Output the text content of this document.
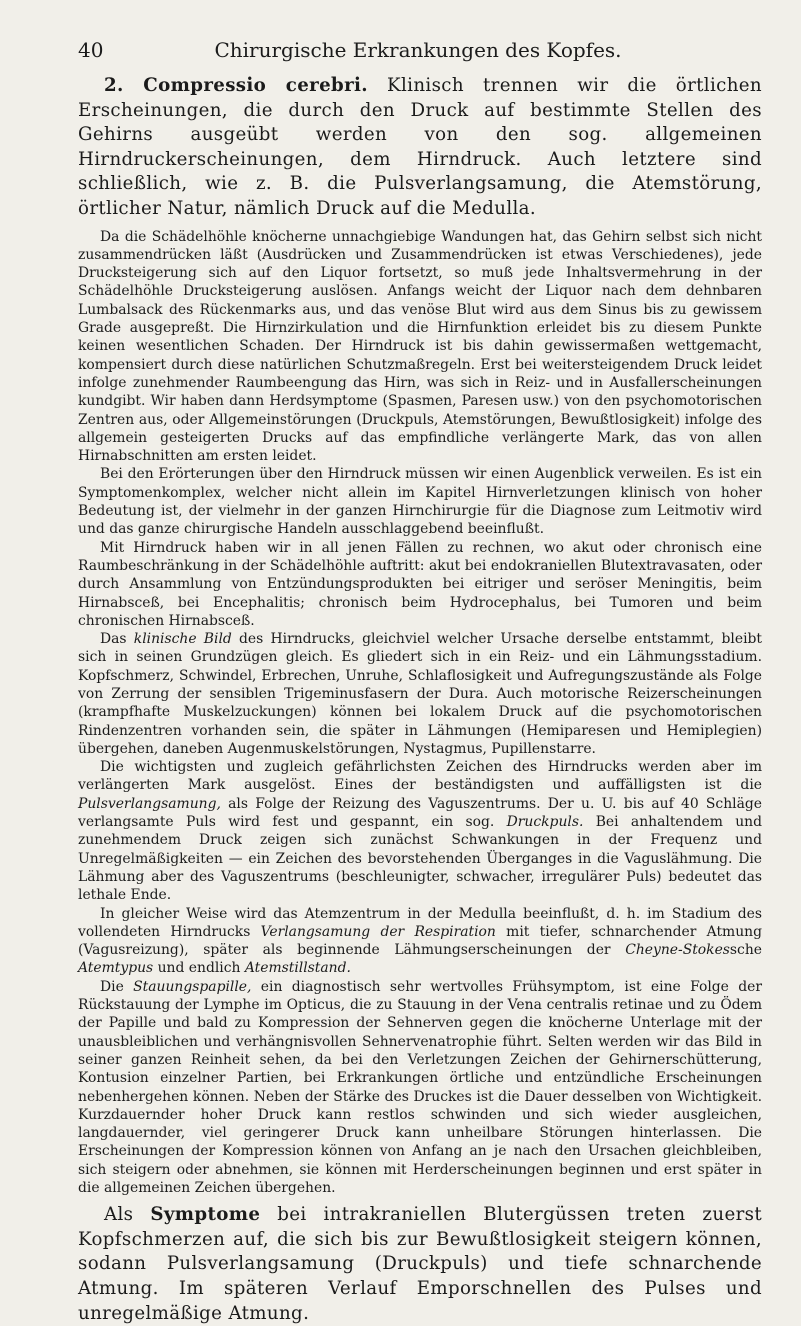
40	Chirurgische Erkrankungen des Kopfes.

2. Compressio cerebri. Klinisch trennen wir die örtlichen Erscheinungen, die durch den Druck auf bestimmte Stellen des Gehirns ausgeübt werden von den sog. allgemeinen Hirndruckerscheinungen, dem Hirndruck. Auch letztere sind schließlich, wie z. B. die Pulsverlangsamung, die Atemstörung, örtlicher Natur, nämlich Druck auf die Medulla.

Da die Schädelhöhle knöcherne unnachgiebige Wandungen hat, das Gehirn selbst sich nicht zusammendrücken läßt (Ausdrücken und Zusammendrücken ist etwas Verschiedenes), jede Drucksteigerung sich auf den Liquor fortsetzt, so muß jede Inhaltsvermehrung in der Schädelhöhle Drucksteigerung auslösen. Anfangs weicht der Liquor nach dem dehnbaren Lumbalsack des Rückenmarks aus, und das venöse Blut wird aus dem Sinus bis zu gewissem Grade ausgepreßt. Die Hirnzirkulation und die Hirnfunktion erleidet bis zu diesem Punkte keinen wesentlichen Schaden. Der Hirndruck ist bis dahin gewissermaßen wettgemacht, kompensiert durch diese natürlichen Schutzmaßregeln. Erst bei weitersteigendem Druck leidet infolge zunehmender Raumbeengung das Hirn, was sich in Reiz- und in Ausfallerscheinungen kundgibt. Wir haben dann Herdsymptome (Spasmen, Paresen usw.) von den psychomotorischen Zentren aus, oder Allgemeinstörungen (Druckpuls, Atemstörungen, Bewußtlosigkeit) infolge des allgemein gesteigerten Drucks auf das empfindliche verlängerte Mark, das von allen Hirnabschnitten am ersten leidet.

Bei den Erörterungen über den Hirndruck müssen wir einen Augenblick verweilen. Es ist ein Symptomenkomplex, welcher nicht allein im Kapitel Hirnverletzungen klinisch von hoher Bedeutung ist, der vielmehr in der ganzen Hirnchirurgie für die Diagnose zum Leitmotiv wird und das ganze chirurgische Handeln ausschlaggebend beeinflußt.

Mit Hirndruck haben wir in all jenen Fällen zu rechnen, wo akut oder chronisch eine Raumbeschränkung in der Schädelhöhle auftritt: akut bei endokraniellen Blutextravasaten, oder durch Ansammlung von Entzündungsprodukten bei eitriger und seröser Meningitis, beim Hirnabsceß, bei Encephalitis; chronisch beim Hydrocephalus, bei Tumoren und beim chronischen Hirnabsceß.

Das klinische Bild des Hirndrucks, gleichviel welcher Ursache derselbe entstammt, bleibt sich in seinen Grundzügen gleich. Es gliedert sich in ein Reiz- und ein Lähmungsstadium. Kopfschmerz, Schwindel, Erbrechen, Unruhe, Schlaflosigkeit und Aufregungszustände als Folge von Zerrung der sensiblen Trigeminusfasern der Dura. Auch motorische Reizerscheinungen (krampfhafte Muskelzuckungen) können bei lokalem Druck auf die psychomotorischen Rindenzentren vorhanden sein, die später in Lähmungen (Hemiparesen und Hemiplegien) übergehen, daneben Augenmuskelstörungen, Nystagmus, Pupillenstarre.

Die wichtigsten und zugleich gefährlichsten Zeichen des Hirndrucks werden aber im verlängerten Mark ausgelöst. Eines der beständigsten und auffälligsten ist die Pulsverlangsamung, als Folge der Reizung des Vaguszentrums. Der u. U. bis auf 40 Schläge verlangsamte Puls wird fest und gespannt, ein sog. Druckpuls. Bei anhaltendem und zunehmendem Druck zeigen sich zunächst Schwankungen in der Frequenz und Unregelmäßigkeiten — ein Zeichen des bevorstehenden Überganges in die Vaguslähmung. Die Lähmung aber des Vaguszentrums (beschleunigter, schwacher, irregulärer Puls) bedeutet das lethale Ende.

In gleicher Weise wird das Atemzentrum in der Medulla beeinflußt, d. h. im Stadium des vollendeten Hirndrucks Verlangsamung der Respiration mit tiefer, schnarchender Atmung (Vagusreizung), später als beginnende Lähmungserscheinungen der Cheyne-Stokessche Atemtypus und endlich Atemstillstand.

Die Stauungspapille, ein diagnostisch sehr wertvolles Frühsymptom, ist eine Folge der Rückstauung der Lymphe im Opticus, die zu Stauung in der Vena centralis retinae und zu Ödem der Papille und bald zu Kompression der Sehnerven gegen die knöcherne Unterlage mit der unausbleiblichen und verhängnisvollen Sehnervenatrophie führt. Selten werden wir das Bild in seiner ganzen Reinheit sehen, da bei den Verletzungen Zeichen der Gehirnerschütterung, Kontusion einzelner Partien, bei Erkrankungen örtliche und entzündliche Erscheinungen nebenhergehen können. Neben der Stärke des Druckes ist die Dauer desselben von Wichtigkeit. Kurzdauernder hoher Druck kann restlos schwinden und sich wieder ausgleichen, langdauernder, viel geringerer Druck kann unheilbare Störungen hinterlassen. Die Erscheinungen der Kompression können von Anfang an je nach den Ursachen gleichbleiben, sich steigern oder abnehmen, sie können mit Herderscheinungen beginnen und erst später in die allgemeinen Zeichen übergehen.

Als Symptome bei intrakraniellen Blutergüssen treten zuerst Kopfschmerzen auf, die sich bis zur Bewußtlosigkeit steigern können, sodann Pulsverlangsamung (Druckpuls) und tiefe schnarchende Atmung. Im späteren Verlauf Emporschnellen des Pulses und unregelmäßige Atmung.
